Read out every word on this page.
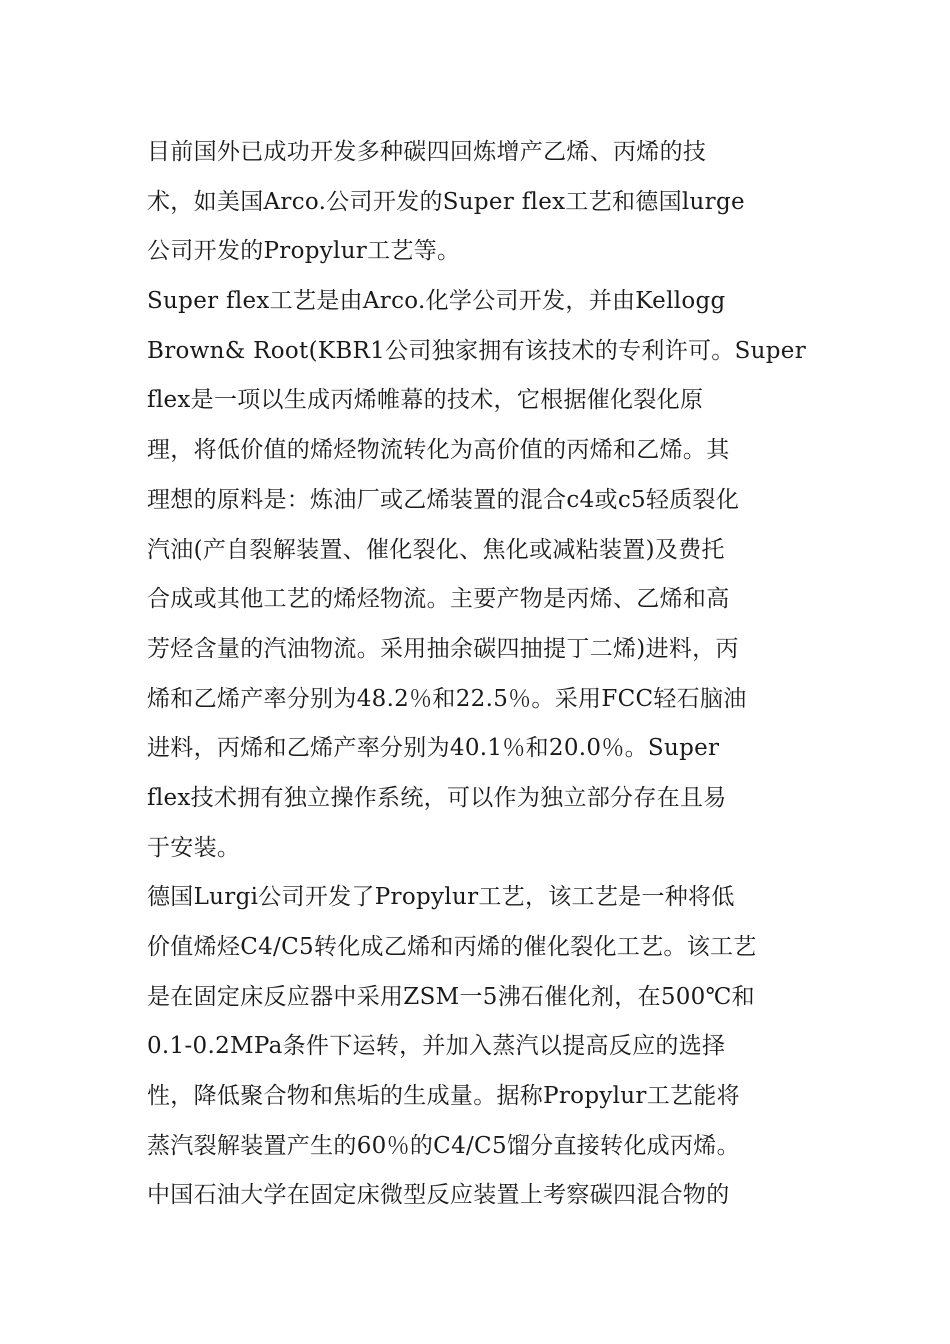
目前国外已成功开发多种碳四回炼增产乙烯、丙烯的技
术，如美国Arco.公司开发的Super flex工艺和德国lurge
公司开发的Propylur工艺等。
Super flex工艺是由Arco.化学公司开发，并由Kellogg
Brown& Root(KBR1公司独家拥有该技术的专利许可。Super
flex是一项以生成丙烯帷幕的技术，它根据催化裂化原
理，将低价值的烯烃物流转化为高价值的丙烯和乙烯。其
理想的原料是：炼油厂或乙烯装置的混合c4或c5轻质裂化
汽油(产自裂解装置、催化裂化、焦化或减粘装置)及费托
合成或其他工艺的烯烃物流。主要产物是丙烯、乙烯和高
芳烃含量的汽油物流。采用抽余碳四抽提丁二烯)进料，丙
烯和乙烯产率分别为48.2％和22.5％。采用FCC轻石脑油
进料，丙烯和乙烯产率分别为40.1％和20.0％。Super
flex技术拥有独立操作系统，可以作为独立部分存在且易
于安装。
德国Lurgi公司开发了Propylur工艺，该工艺是一种将低
价值烯烃C4/C5转化成乙烯和丙烯的催化裂化工艺。该工艺
是在固定床反应器中采用ZSM一5沸石催化剂，在500℃和
0.1-0.2MPa条件下运转，并加入蒸汽以提高反应的选择
性，降低聚合物和焦垢的生成量。据称Propylur工艺能将
蒸汽裂解装置产生的60％的C4/C5馏分直接转化成丙烯。
中国石油大学在固定床微型反应装置上考察碳四混合物的
